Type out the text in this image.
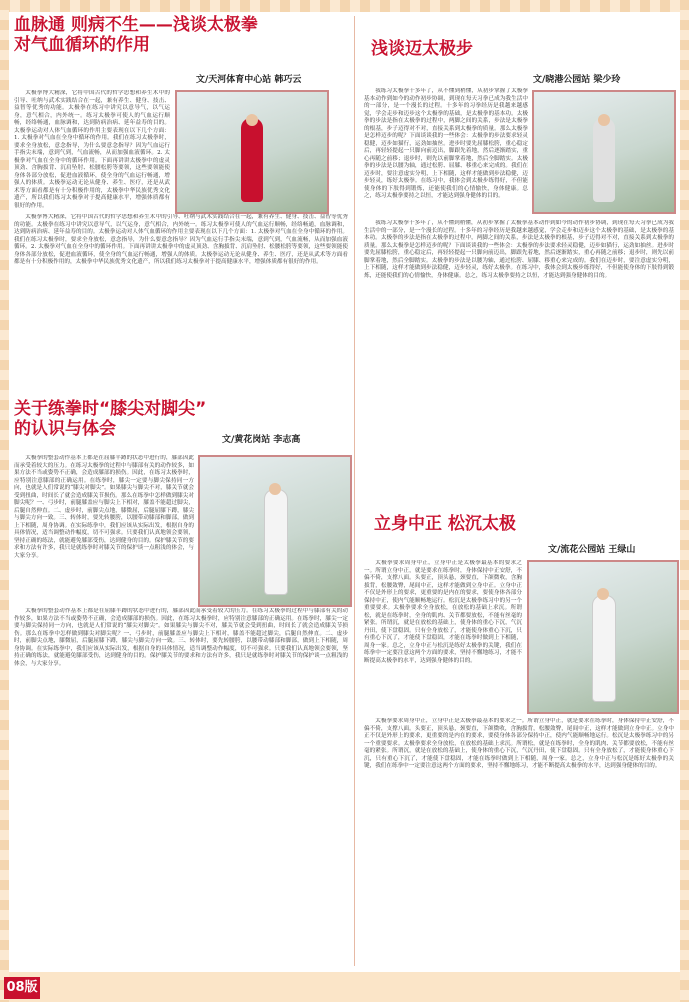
血脉通 则病不生——浅谈太极拳
对气血循环的作用
文/天河体育中心站 韩巧云

太极拳博大精深，它将中国古代的哲学思想和养生术中的引导、吐纳与武术实践结合在一起，兼有养生、健身、技击、益智等优秀的功能。太极拳在练习中讲究以意导气，以气运身，意气相合，内外统一。练习太极拳可使人的气血运行顺畅，经络畅通，血脉调和，达到防病治病、延年益寿的目的。太极拳运动对人体气血循环的作用主要表现在以下几个方面：1. 太极拳对气血在全身中循环的作用。我们在练习太极拳时，要求全身放松，意念指导，为什么要意念指导？因为气血运行手指尖末端，意到气到，气血流畅，从而加强血液循环。2. 太极拳对气血在全身中的循环作用。下面再讲讲太极拳中的虚灵顶劲、含胸拔背、沉肩坠肘、松腰松胯等要领，这些要领能使身体各部分放松，促进血液循环，使全身的气血运行畅通，增强人的体质。太极拳运动无论从健身、养生、医疗，还是从武术等方面看都是有十分积极作用的，太极拳中华民族优秀文化遗产，所以我们练习太极拳对于提高健康水平，增强体质都有很好的作用。

太极拳博大精深，它将中国古代的哲学思想和养生术中的引导、吐纳与武术实践结合在一起，兼有养生、健身、技击、益智等优秀的功能。太极拳在练习中讲究以意导气，以气运身，意气相合，内外统一。练习太极拳可使人的气血运行顺畅，经络畅通，血脉调和，达到防病治病、延年益寿的目的。太极拳运动对人体气血循环的作用主要表现在以下几个方面：1. 太极拳对气血在全身中循环的作用。我们在练习太极拳时，要求全身放松，意念指导，为什么要意念指导？因为气血运行手指尖末端，意到气到，气血流畅，从而加强血液循环。2. 太极拳对气血在全身中的循环作用。下面再讲讲太极拳中的虚灵顶劲、含胸拔背、沉肩坠肘、松腰松胯等要领，这些要领能使身体各部分放松，促进血液循环，使全身的气血运行畅通，增强人的体质。太极拳运动无论从健身、养生、医疗，还是从武术等方面看都是有十分积极作用的，太极拳中华民族优秀文化遗产，所以我们练习太极拳对于提高健康水平，增强体质都有很好的作用。

浅谈迈太极步
文/晓港公园站 梁少玲

我练习太极拳十多年了，从不懂到稍懂，从初步掌握了太极拳基本动作到如今的动作初步协调，到现在每天习拳已成为我生活中的一部分，是一个漫长的过程。十多年的习拳经历是我越来越感觉，学会走步和迈步这个太极拳的基础，是太极拳的基本功。太极拳的步法是指在太极拳的过程中，两脚之间的关系，步法是太极拳的根基，步子迈得对不对，直接关系到太极拳的质量。那么太极拳是怎样迈步的呢？下面谈谈我的一些体会：太极拳的步法要求轻灵稳健，迈步如猫行，运劲如抽丝。进步时要先屈膝松胯，重心稳定后，再轻轻提起一只脚向前迈出，脚跟先着地，然后逐渐踏实，重心再随之前移；退步时，则先以前脚掌着地，然后全脚踏实。太极拳的步法是以腰为轴，通过松胯、屈膝、移重心来完成的。我们在迈步时，要注意虚实分明，上下相随，这样才能做到步法稳健，迈步轻灵，练好太极拳。在练习中，我体会到太极步练得好，不但能使身体的下肢得到锻炼，还能使我们的心情愉快，身体健康。总之，练习太极拳要持之以恒，才能达到强身健体的目的。

我练习太极拳十多年了，从不懂到稍懂，从初步掌握了太极拳基本动作到如今的动作初步协调，到现在每天习拳已成为我生活中的一部分，是一个漫长的过程。十多年的习拳经历是我越来越感觉，学会走步和迈步这个太极拳的基础，是太极拳的基本功。太极拳的步法是指在太极拳的过程中，两脚之间的关系，步法是太极拳的根基，步子迈得对不对，直接关系到太极拳的质量。那么太极拳是怎样迈步的呢？下面谈谈我的一些体会：太极拳的步法要求轻灵稳健，迈步如猫行，运劲如抽丝。进步时要先屈膝松胯，重心稳定后，再轻轻提起一只脚向前迈出，脚跟先着地，然后逐渐踏实，重心再随之前移；退步时，则先以前脚掌着地，然后全脚踏实。太极拳的步法是以腰为轴，通过松胯、屈膝、移重心来完成的。我们在迈步时，要注意虚实分明，上下相随，这样才能做到步法稳健，迈步轻灵，练好太极拳。在练习中，我体会到太极步练得好，不但能使身体的下肢得到锻炼，还能使我们的心情愉快，身体健康。总之，练习太极拳要持之以恒，才能达到强身健体的目的。

关于练拳时“膝尖对脚尖”
的认识与体会
文/黄花岗站 李志高

太极拳的整套动作基本上都是在屈膝半蹲的状态中进行的，膝部因此而承受着较大的压力。在练习太极拳的过程中与膝部有关的动作较多，如果方法不当或姿势不正确，会造成膝部的损伤。因此，在练习太极拳时，应特别注意膝部的正确运用。在练拳时，膝尖一定要与脚尖保持同一方向，也就是人们常说的“膝尖对脚尖”。如果膝尖与脚尖不对，膝关节就会受到扭曲，时间长了就会造成膝关节损伤。那么在练拳中怎样做到膝尖对脚尖呢？一、弓步时，前腿膝盖应与脚尖上下相对，膝盖不能超过脚尖，后腿自然伸直。二、虚步时，前脚尖点地，膝微屈，后腿屈膝下蹲，膝尖与脚尖方向一致。三、转体时，要先转腰胯，以腰带动膝部和脚部，做到上下相随，周身协调。在实际练拳中，我们应该从实际出发，根据自身的具体情况，适当调整动作幅度，切不可强求。只要我们认真地领会要领，坚持正确的练法，就能避免膝部受伤，达到健身的目的。保护膝关节的要求和方法有许多，我只是就练拳时对膝关节的保护谈一点粗浅的体会，与大家分享。

太极拳的整套动作基本上都是在屈膝半蹲的状态中进行的，膝部因此而承受着较大的压力。在练习太极拳的过程中与膝部有关的动作较多，如果方法不当或姿势不正确，会造成膝部的损伤。因此，在练习太极拳时，应特别注意膝部的正确运用。在练拳时，膝尖一定要与脚尖保持同一方向，也就是人们常说的“膝尖对脚尖”。如果膝尖与脚尖不对，膝关节就会受到扭曲，时间长了就会造成膝关节损伤。那么在练拳中怎样做到膝尖对脚尖呢？一、弓步时，前腿膝盖应与脚尖上下相对，膝盖不能超过脚尖，后腿自然伸直。二、虚步时，前脚尖点地，膝微屈，后腿屈膝下蹲，膝尖与脚尖方向一致。三、转体时，要先转腰胯，以腰带动膝部和脚部，做到上下相随，周身协调。在实际练拳中，我们应该从实际出发，根据自身的具体情况，适当调整动作幅度，切不可强求。只要我们认真地领会要领，坚持正确的练法，就能避免膝部受伤，达到健身的目的。保护膝关节的要求和方法有许多，我只是就练拳时对膝关节的保护谈一点粗浅的体会，与大家分享。

立身中正 松沉太极
文/流花公园站 王绿山

太极拳要求周身中正，立身中正是太极拳最基本的要求之一。所谓立身中正，就是要求在练拳时，身体保持中正安舒，不偏不倚，支撑八面。头要正，顶头悬，颈要直，下颌微收，含胸拔背，松腰敛臀，尾闾中正，这样才能做到立身中正。立身中正不仅是外形上的要求，更重要的是内在的要求，要使身体各部分保持中正，使内气能顺畅地运行。松沉是太极拳练习中的另一个重要要求。太极拳要求全身放松，在放松的基础上求沉。所谓松，就是在练拳时，全身的肌肉、关节都要放松，不能有丝毫的紧张。所谓沉，就是在放松的基础上，使身体的重心下沉，气沉丹田，使下盘稳固。只有全身放松了，才能使身体重心下沉，只有重心下沉了，才能使下盘稳固，才能在练拳时做到上下相随，周身一家。总之，立身中正与松沉是练好太极拳的关键，我们在练拳中一定要注意这两个方面的要求，坚持不懈地练习，才能不断提高太极拳的水平，达到强身健体的目的。

太极拳要求周身中正，立身中正是太极拳最基本的要求之一。所谓立身中正，就是要求在练拳时，身体保持中正安舒，不偏不倚，支撑八面。头要正，顶头悬，颈要直，下颌微收，含胸拔背，松腰敛臀，尾闾中正，这样才能做到立身中正。立身中正不仅是外形上的要求，更重要的是内在的要求，要使身体各部分保持中正，使内气能顺畅地运行。松沉是太极拳练习中的另一个重要要求。太极拳要求全身放松，在放松的基础上求沉。所谓松，就是在练拳时，全身的肌肉、关节都要放松，不能有丝毫的紧张。所谓沉，就是在放松的基础上，使身体的重心下沉，气沉丹田，使下盘稳固。只有全身放松了，才能使身体重心下沉，只有重心下沉了，才能使下盘稳固，才能在练拳时做到上下相随，周身一家。总之，立身中正与松沉是练好太极拳的关键，我们在练拳中一定要注意这两个方面的要求，坚持不懈地练习，才能不断提高太极拳的水平，达到强身健体的目的。

08版
